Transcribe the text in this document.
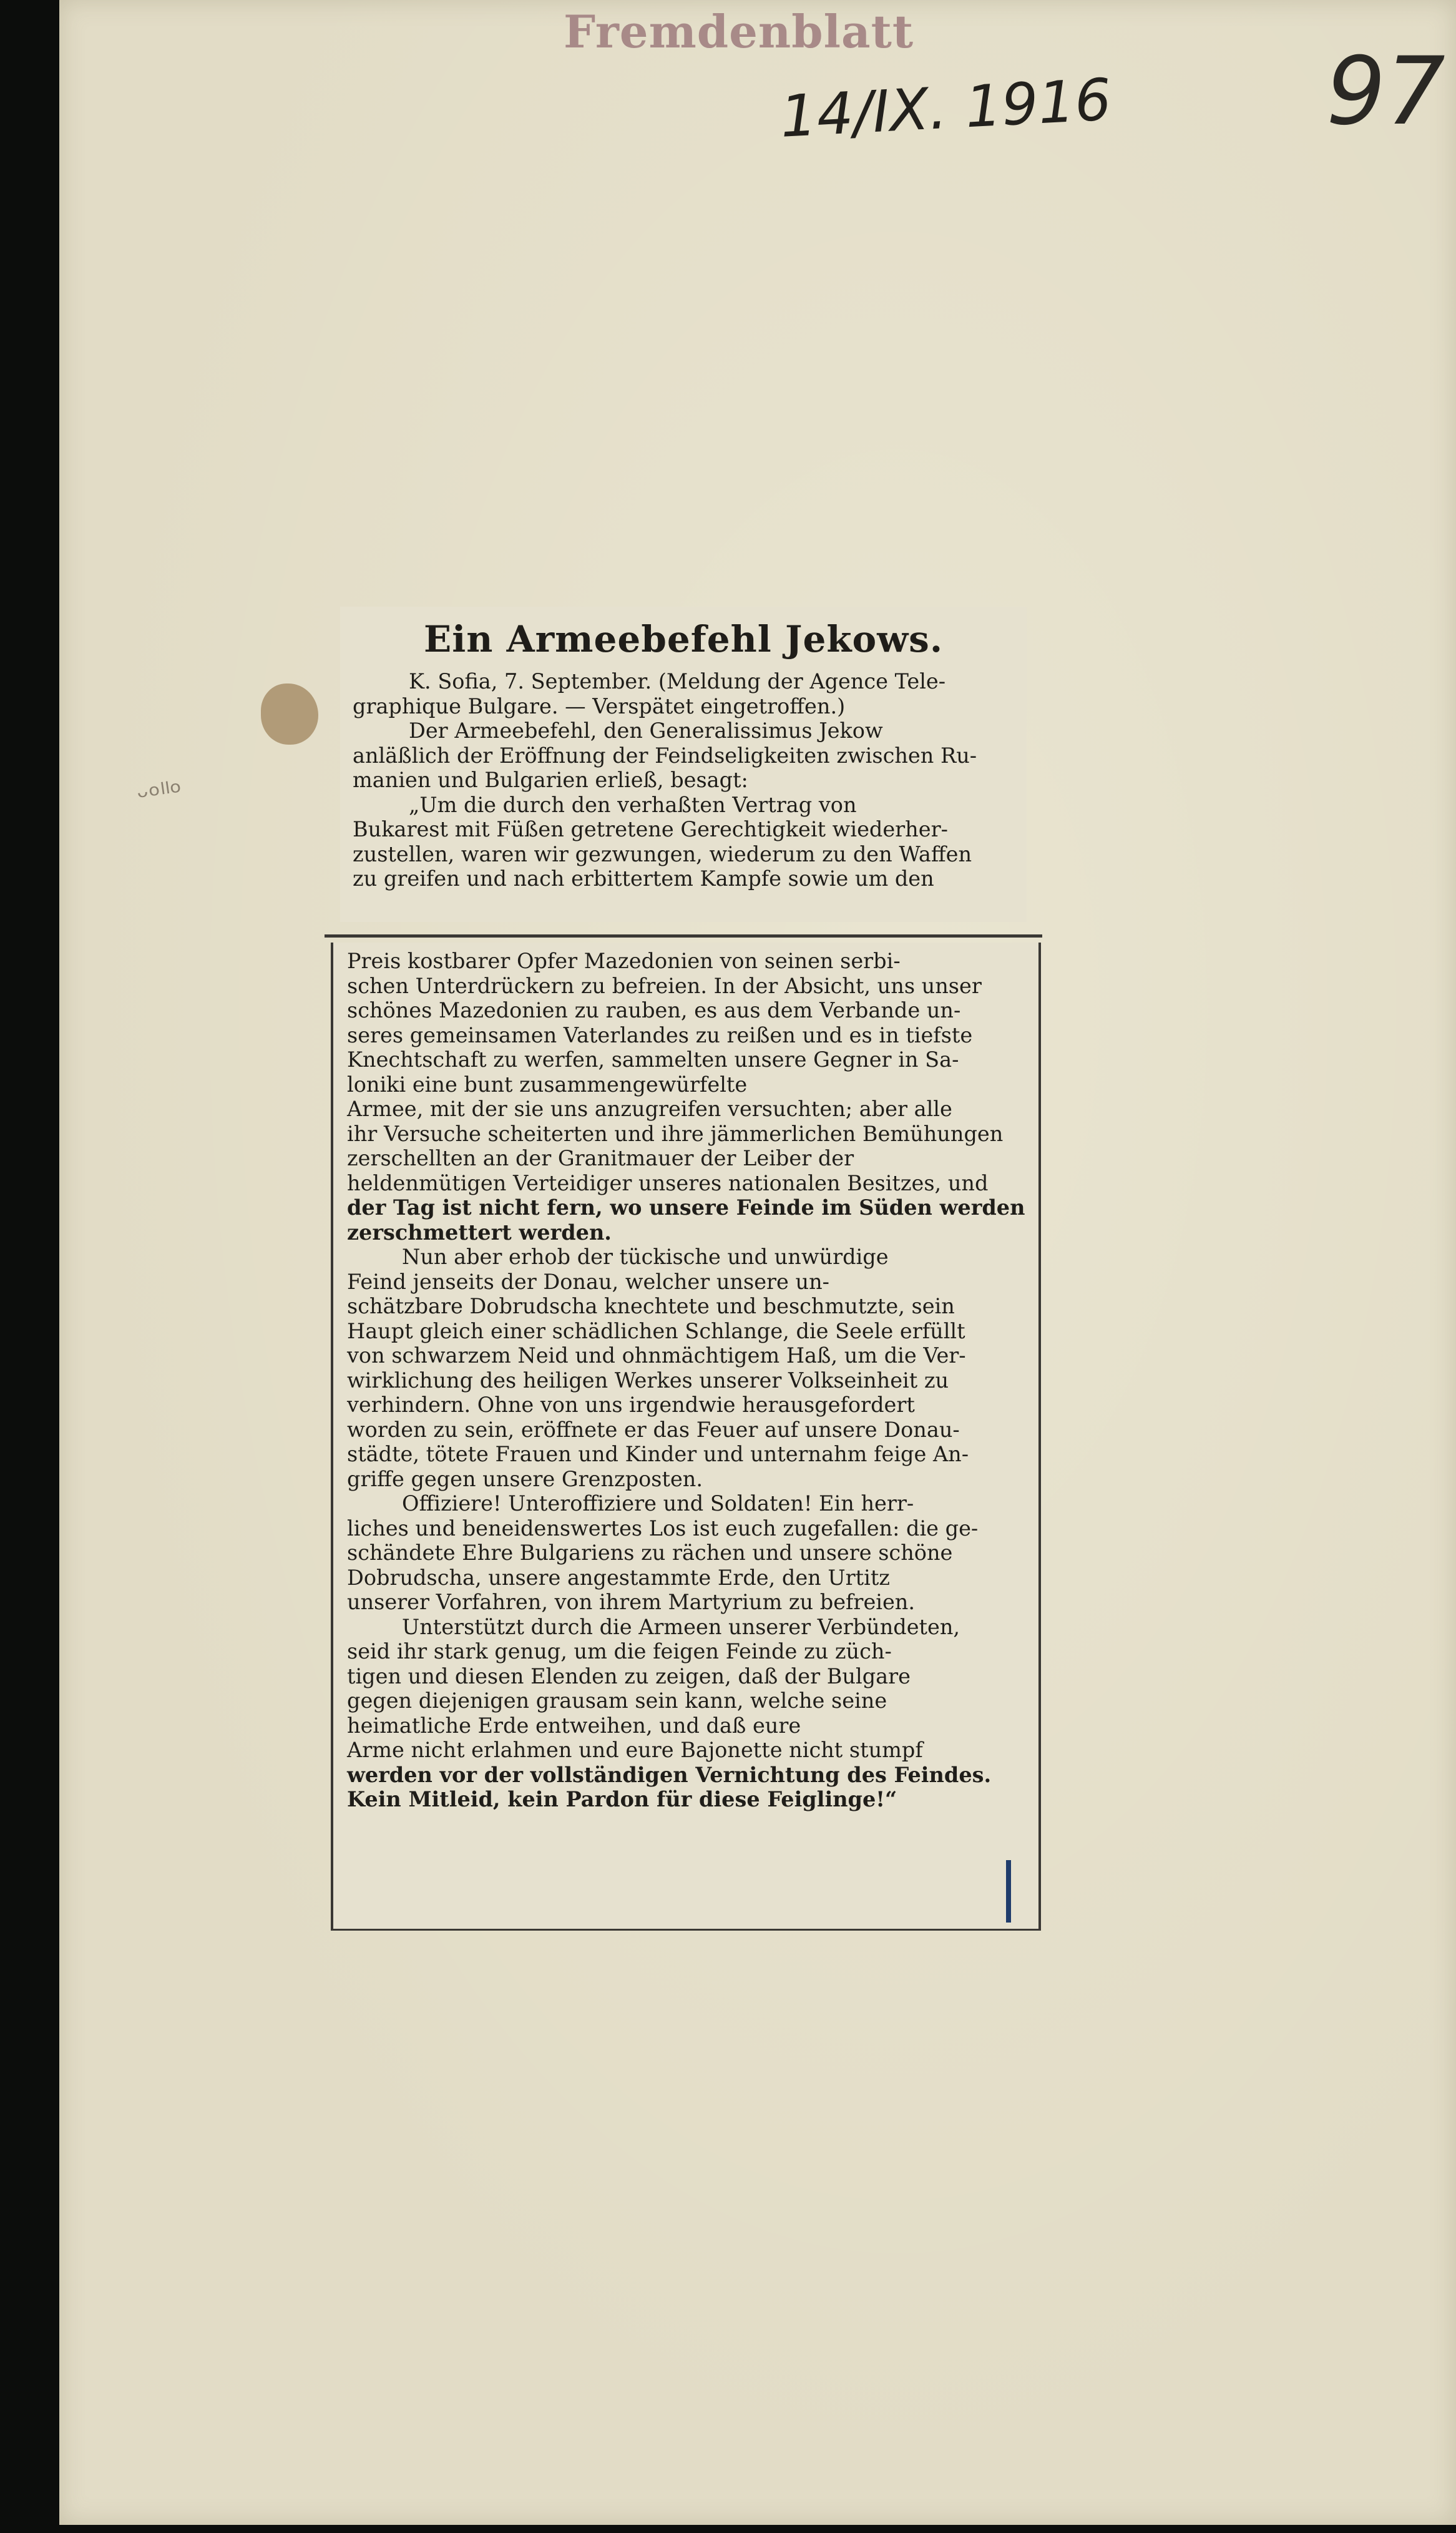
Fremdenblatt
14/IX. 1916 97
ᵕᵒˡˡᵒ
Ein Armeebefehl Jekows.
K. Sofia, 7. September. (Meldung der Agence Tele-
graphique Bulgare. — Verspätet eingetroffen.)
Der Armeebefehl, den Generalissimus Jekow
anläßlich der Eröffnung der Feindseligkeiten zwischen Ru-
manien und Bulgarien erließ, besagt:
„Um die durch den verhaßten Vertrag von
Bukarest mit Füßen getretene Gerechtigkeit wiederher-
zustellen, waren wir gezwungen, wiederum zu den Waffen
zu greifen und nach erbittertem Kampfe sowie um den
Preis kostbarer Opfer Mazedonien von seinen serbi-
schen Unterdrückern zu befreien. In der Absicht, uns unser
schönes Mazedonien zu rauben, es aus dem Verbande un-
seres gemeinsamen Vaterlandes zu reißen und es in tiefste
Knechtschaft zu werfen, sammelten unsere Gegner in Sa-
loniki eine bunt zusammengewürfelte
Armee, mit der sie uns anzugreifen versuchten; aber alle
ihr Versuche scheiterten und ihre jämmerlichen Bemühungen
zerschellten an der Granitmauer der Leiber der
heldenmütigen Verteidiger unseres nationalen Besitzes, und
der Tag ist nicht fern, wo unsere Feinde im Süden werden
zerschmettert werden.
Nun aber erhob der tückische und unwürdige
Feind jenseits der Donau, welcher unsere un-
schätzbare Dobrudscha knechtete und beschmutzte, sein
Haupt gleich einer schädlichen Schlange, die Seele erfüllt
von schwarzem Neid und ohnmächtigem Haß, um die Ver-
wirklichung des heiligen Werkes unserer Volkseinheit zu
verhindern. Ohne von uns irgendwie herausgefordert
worden zu sein, eröffnete er das Feuer auf unsere Donau-
städte, tötete Frauen und Kinder und unternahm feige An-
griffe gegen unsere Grenzposten.
Offiziere! Unteroffiziere und Soldaten! Ein herr-
liches und beneidenswertes Los ist euch zugefallen: die ge-
schändete Ehre Bulgariens zu rächen und unsere schöne
Dobrudscha, unsere angestammte Erde, den Urtitz
unserer Vorfahren, von ihrem Martyrium zu befreien.
Unterstützt durch die Armeen unserer Verbündeten,
seid ihr stark genug, um die feigen Feinde zu züch-
tigen und diesen Elenden zu zeigen, daß der Bulgare
gegen diejenigen grausam sein kann, welche seine
heimatliche Erde entweihen, und daß eure
Arme nicht erlahmen und eure Bajonette nicht stumpf
werden vor der vollständigen Vernichtung des Feindes.
Kein Mitleid, kein Pardon für diese Feiglinge!“
